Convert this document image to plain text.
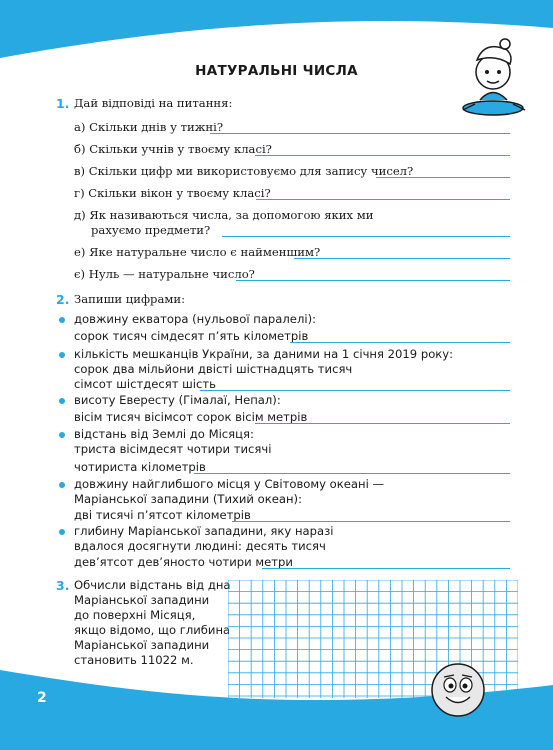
НАТУРАЛЬНІ ЧИСЛА
1. Дай відповіді на питання:
а) Скільки днів у тижні?
б) Скільки учнів у твоєму класі?
в) Скільки цифр ми використовуємо для запису чисел?
г) Скільки вікон у твоєму класі?
д) Як називаються числа, за допомогою яких ми
рахуємо предмети?
е) Яке натуральне число є найменшим?
є) Нуль — натуральне число?
2. Запиши цифрами:
довжину екватора (нульової паралелі):
сорок тисяч сімдесят п’ять кілометрів
кількість мешканців України, за даними на 1 січня 2019 року:
сорок два мільйони двісті шістнадцять тисяч
сімсот шістдесят шість
висоту Евересту (Гімалаї, Непал):
вісім тисяч вісімсот сорок вісім метрів
відстань від Землі до Місяця:
триста вісімдесят чотири тисячі
чотириста кілометрів
довжину найглибшого місця у Світовому океані —
Маріанської западини (Тихий океан):
дві тисячі п’ятсот кілометрів
глибину Маріанської западини, яку наразі
вдалося досягнути людині: десять тисяч
дев’ятсот дев’яносто чотири метри
3. Обчисли відстань від дна
Маріанської западини
до поверхні Місяця,
якщо відомо, що глибина
Маріанської западини
становить 11022 м.
2
